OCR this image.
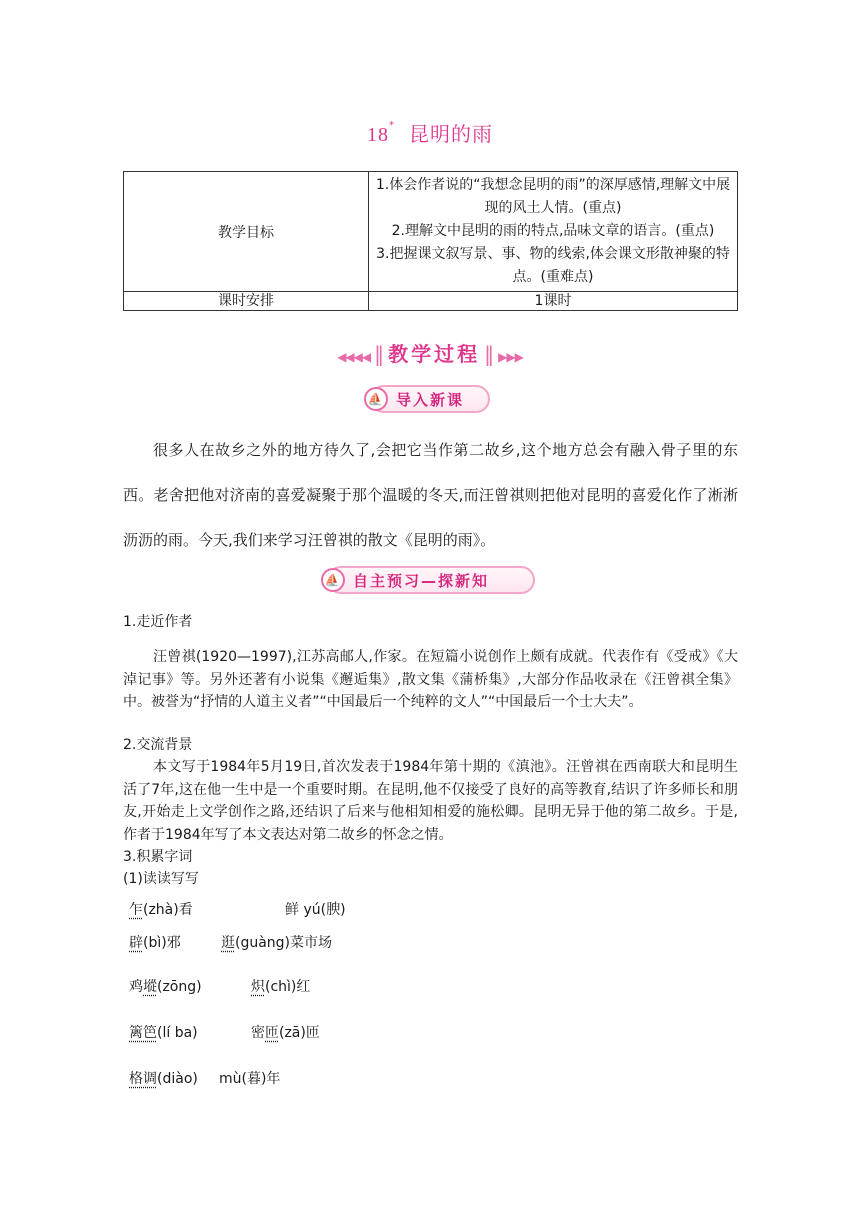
18* 昆明的雨
教学目标	1.体会作者说的“我想念昆明的雨”的深厚感情,理解文中展现的风土人情。(重点)
2.理解文中昆明的雨的特点,品味文章的语言。(重点)
3.把握课文叙写景、事、物的线索,体会课文形散神聚的特点。(重难点)

课时安排	1课时
◀◀◀◀ ‖ 教学过程 ‖ ▶▶▶
⛵ 导入新课
很多人在故乡之外的地方待久了,会把它当作第二故乡,这个地方总会有融入骨子里的东西。老舍把他对济南的喜爱凝聚于那个温暖的冬天,而汪曾祺则把他对昆明的喜爱化作了淅淅沥沥的雨。今天,我们来学习汪曾祺的散文《昆明的雨》。
⛵ 自主预习—探新知
1.走近作者
汪曾祺(1920—1997),江苏高邮人,作家。在短篇小说创作上颇有成就。代表作有《受戒》《大淖记事》等。另外还著有小说集《邂逅集》,散文集《蒲桥集》,大部分作品收录在《汪曾祺全集》中。被誉为“抒情的人道主义者”“中国最后一个纯粹的文人”“中国最后一个士大夫”。
2.交流背景
本文写于1984年5月19日,首次发表于1984年第十期的《滇池》。汪曾祺在西南联大和昆明生活了7年,这在他一生中是一个重要时期。在昆明,他不仅接受了良好的高等教育,结识了许多师长和朋友,开始走上文学创作之路,还结识了后来与他相知相爱的施松卿。昆明无异于他的第二故乡。于是,作者于1984年写了本文表达对第二故乡的怀念之情。
3.积累字词
(1)读读写写
乍(zhà)看	鲜 yú(腴)
辟(bì)邪	逛(guàng)菜市场
鸡㙡(zōng)	炽(chì)红
篱笆(lí ba)	密匝(zā)匝
格调(diào) mù(暮)年
